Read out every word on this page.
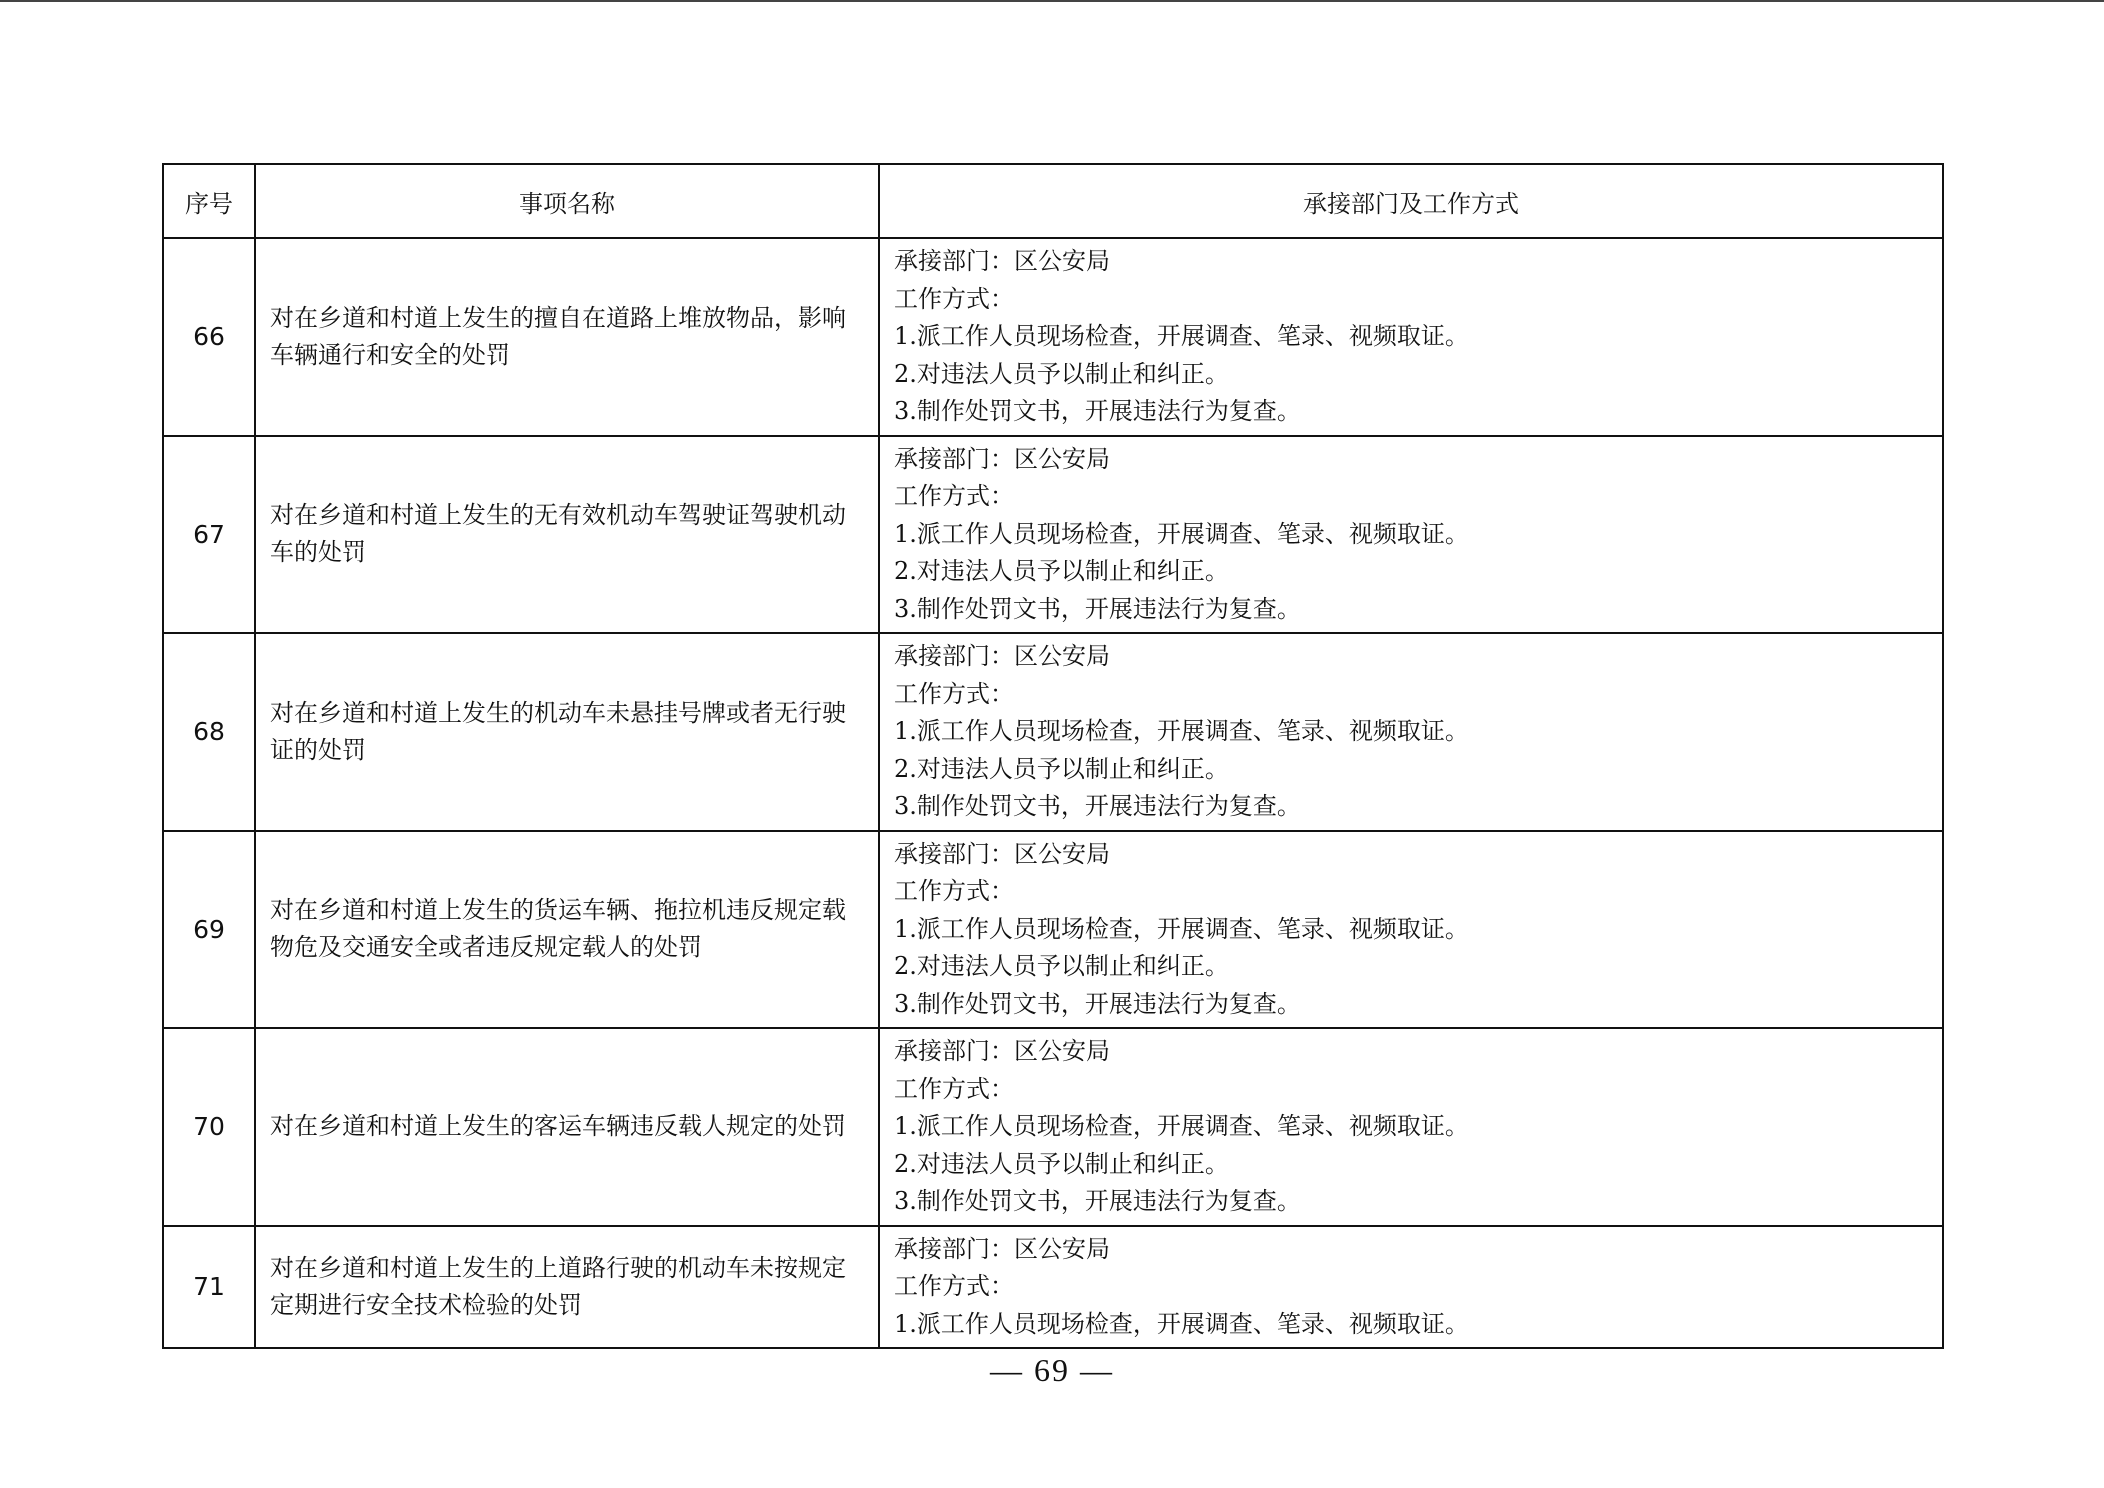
序号	事项名称	承接部门及工作方式
66	对在乡道和村道上发生的擅自在道路上堆放物品，影响车辆通行和安全的处罚	承接部门：区公安局
工作方式：
1.派工作人员现场检查，开展调查、笔录、视频取证。
2.对违法人员予以制止和纠正。
3.制作处罚文书，开展违法行为复查。

67	对在乡道和村道上发生的无有效机动车驾驶证驾驶机动车的处罚	承接部门：区公安局
工作方式：
1.派工作人员现场检查，开展调查、笔录、视频取证。
2.对违法人员予以制止和纠正。
3.制作处罚文书，开展违法行为复查。

68	对在乡道和村道上发生的机动车未悬挂号牌或者无行驶证的处罚	承接部门：区公安局
工作方式：
1.派工作人员现场检查，开展调查、笔录、视频取证。
2.对违法人员予以制止和纠正。
3.制作处罚文书，开展违法行为复查。

69	对在乡道和村道上发生的货运车辆、拖拉机违反规定载物危及交通安全或者违反规定载人的处罚	承接部门：区公安局
工作方式：
1.派工作人员现场检查，开展调查、笔录、视频取证。
2.对违法人员予以制止和纠正。
3.制作处罚文书，开展违法行为复查。

70	对在乡道和村道上发生的客运车辆违反载人规定的处罚	承接部门：区公安局
工作方式：
1.派工作人员现场检查，开展调查、笔录、视频取证。
2.对违法人员予以制止和纠正。
3.制作处罚文书，开展违法行为复查。

71	对在乡道和村道上发生的上道路行驶的机动车未按规定定期进行安全技术检验的处罚	承接部门：区公安局
工作方式：
1.派工作人员现场检查，开展调查、笔录、视频取证。
— 69 —
